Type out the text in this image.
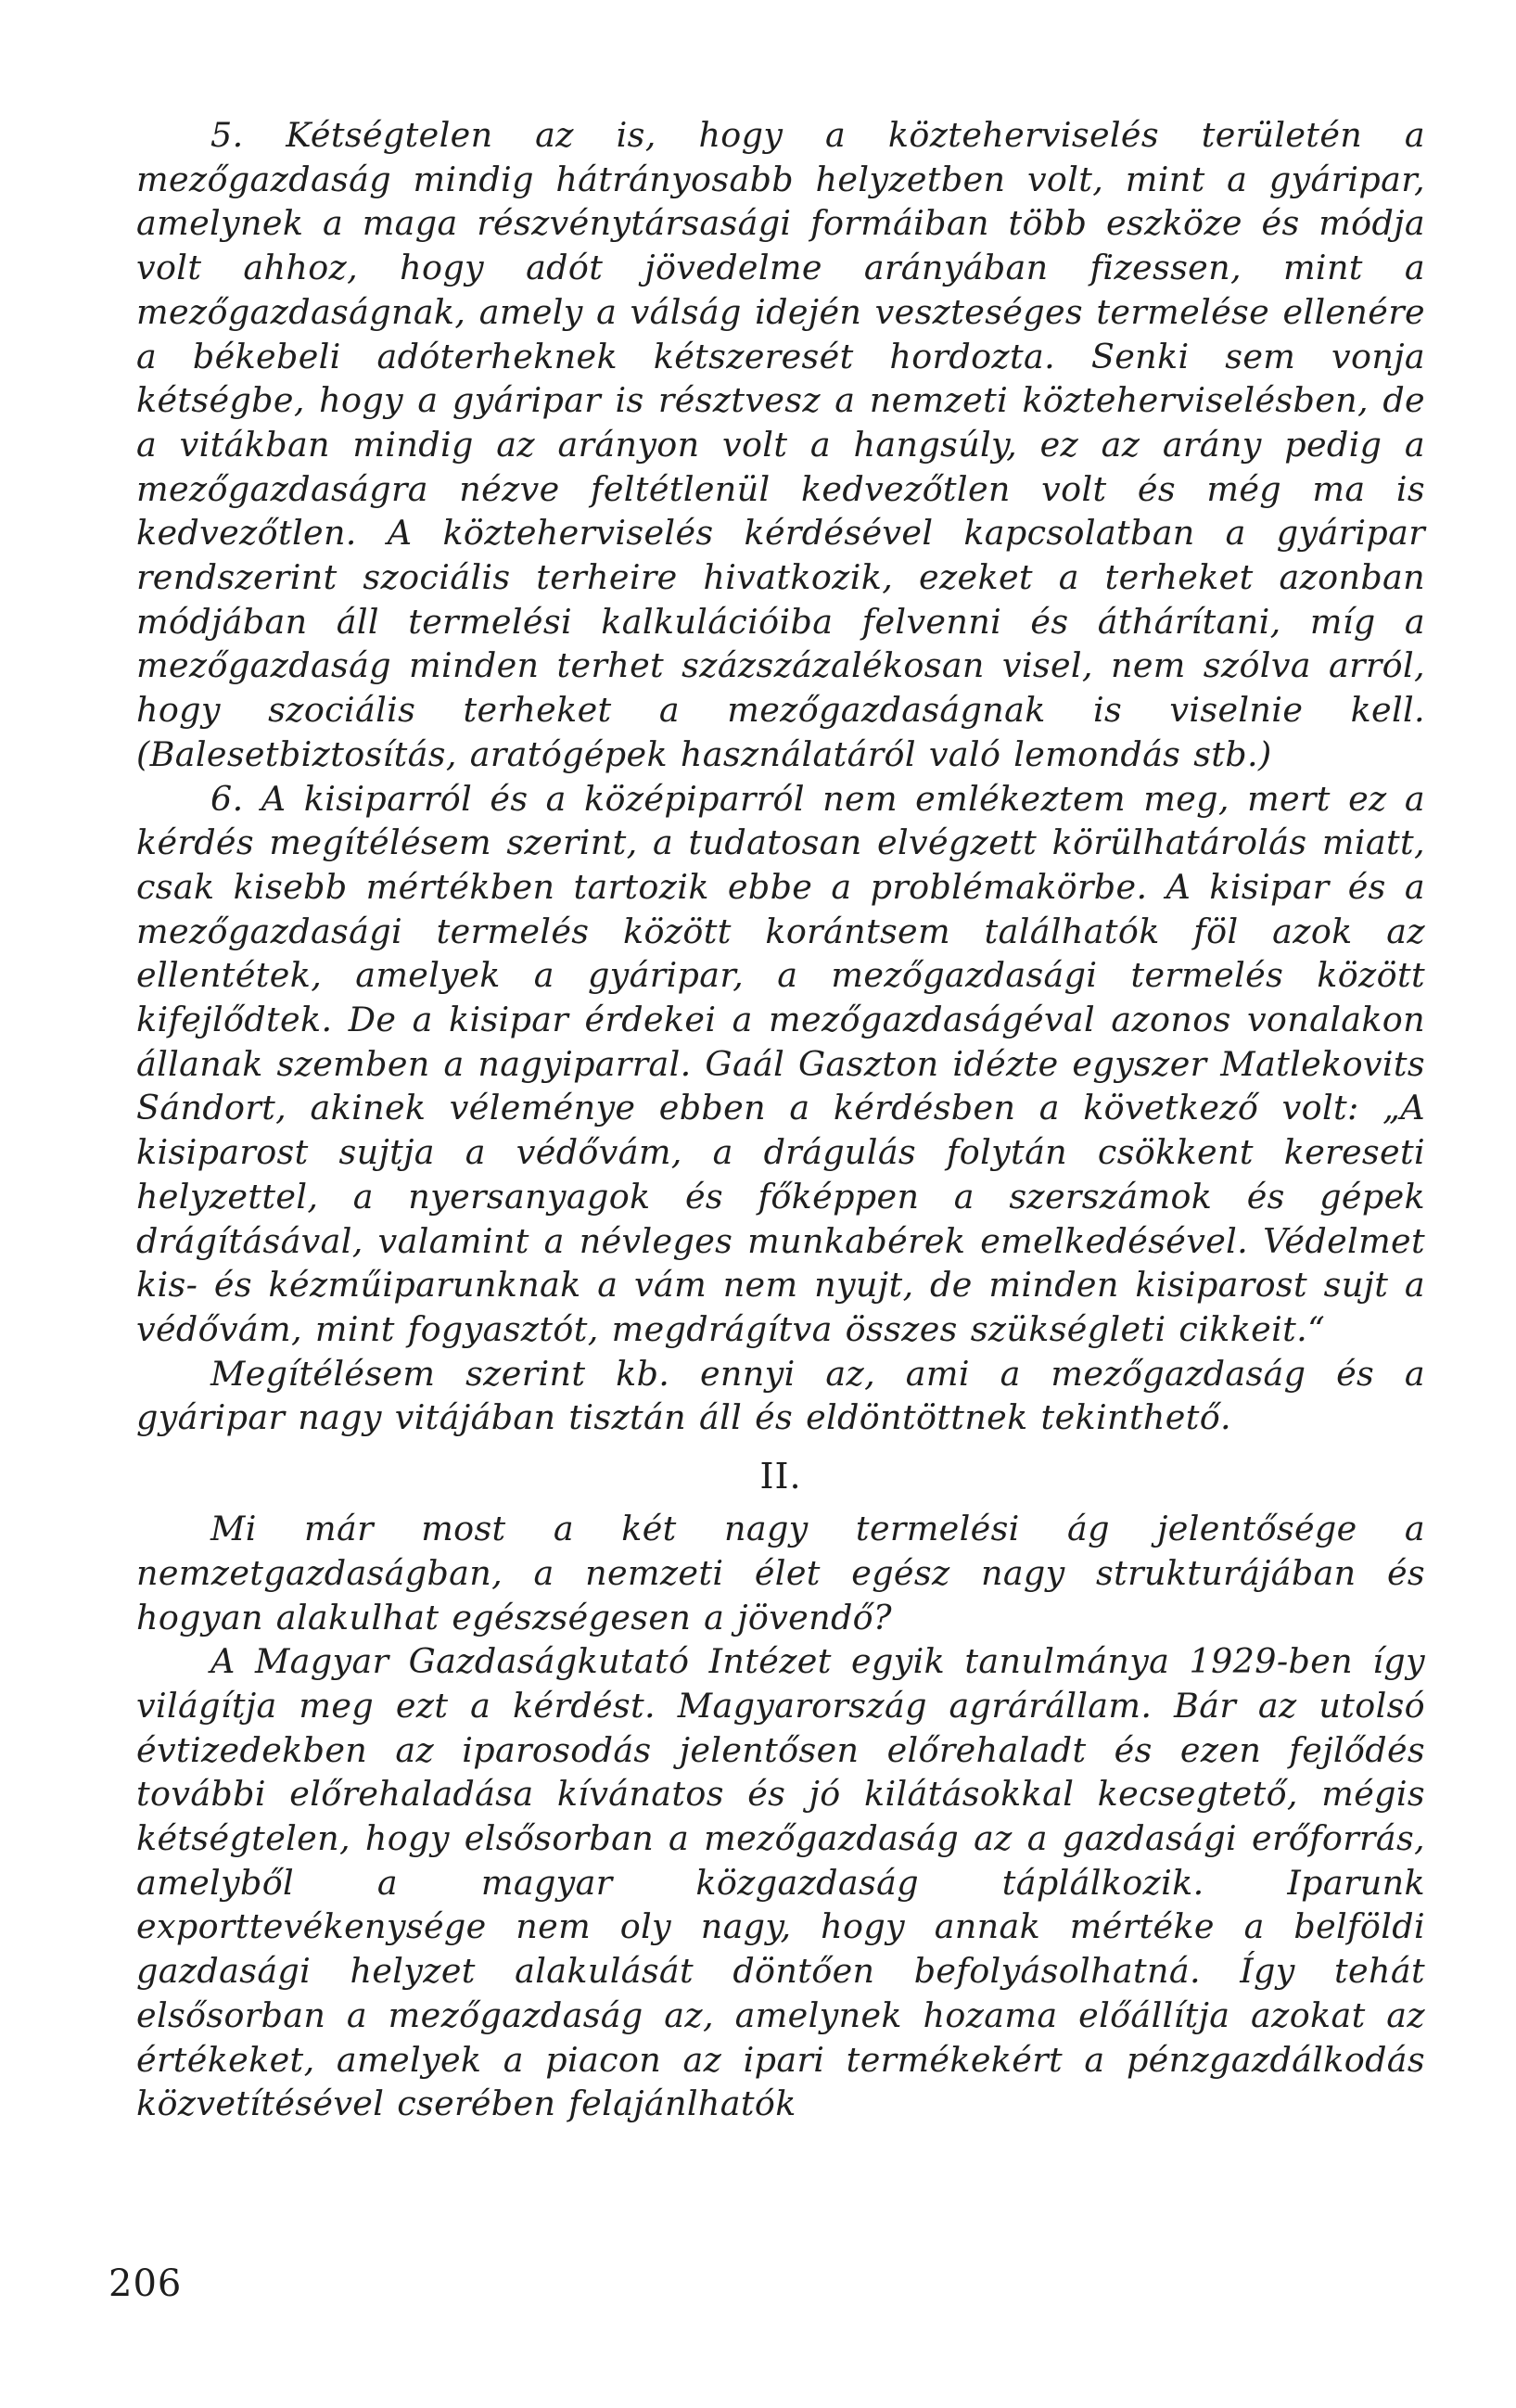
5. Kétségtelen az is, hogy a közteherviselés területén a mezőgazdaság mindig hátrányosabb helyzetben volt, mint a gyáripar, amelynek a maga részvénytársasági formáiban több eszköze és módja volt ahhoz, hogy adót jövedelme arányában fizessen, mint a mezőgazdaságnak, amely a válság idején veszteséges termelése ellenére a békebeli adóterheknek kétszeresét hordozta. Senki sem vonja kétségbe, hogy a gyáripar is résztvesz a nemzeti közteherviselésben, de a vitákban mindig az arányon volt a hangsúly, ez az arány pedig a mezőgazdaságra nézve feltétlenül kedvezőtlen volt és még ma is kedvezőtlen. A közteherviselés kérdésével kapcsolatban a gyáripar rendszerint szociális terheire hivatkozik, ezeket a terheket azonban módjában áll termelési kalkulációiba felvenni és áthárítani, míg a mezőgazdaság minden terhet százszázalékosan visel, nem szólva arról, hogy szociális terheket a mezőgazdaságnak is viselnie kell. (Balesetbiztosítás, aratógépek használatáról való lemondás stb.)

6. A kisiparról és a középiparról nem emlékeztem meg, mert ez a kérdés megítélésem szerint, a tudatosan elvégzett körülhatárolás miatt, csak kisebb mértékben tartozik ebbe a problémakörbe. A kisipar és a mezőgazdasági termelés között korántsem találhatók föl azok az ellentétek, amelyek a gyáripar, a mezőgazdasági termelés között kifejlődtek. De a kisipar érdekei a mezőgazdaságéval azonos vonalakon állanak szemben a nagyiparral. Gaál Gaszton idézte egyszer Matlekovits Sándort, akinek véleménye ebben a kérdésben a következő volt: „A kisiparost sujtja a védővám, a drágulás folytán csökkent kereseti helyzettel, a nyersanyagok és főképpen a szerszámok és gépek drágításával, valamint a névleges munkabérek emelkedésével. Védelmet kis- és kézműiparunknak a vám nem nyujt, de minden kisiparost sujt a védővám, mint fogyasztót, megdrágítva összes szükségleti cikkeit.“

Megítélésem szerint kb. ennyi az, ami a mezőgazdaság és a gyáripar nagy vitájában tisztán áll és eldöntöttnek tekinthető.

II.

Mi már most a két nagy termelési ág jelentősége a nemzetgazdaságban, a nemzeti élet egész nagy strukturájában és hogyan alakulhat egészségesen a jövendő?

A Magyar Gazdaságkutató Intézet egyik tanulmánya 1929-ben így világítja meg ezt a kérdést. Magyarország agrárállam. Bár az utolsó évtizedekben az iparosodás jelentősen előrehaladt és ezen fejlődés további előrehaladása kívánatos és jó kilátásokkal kecsegtető, mégis kétségtelen, hogy elsősorban a mezőgazdaság az a gazdasági erőforrás, amelyből a magyar közgazdaság táplálkozik. Iparunk exporttevékenysége nem oly nagy, hogy annak mértéke a belföldi gazdasági helyzet alakulását döntően befolyásolhatná. Így tehát elsősorban a mezőgazdaság az, amelynek hozama előállítja azokat az értékeket, amelyek a piacon az ipari termékekért a pénzgazdálkodás közvetítésével cserében felajánlhatók

206
